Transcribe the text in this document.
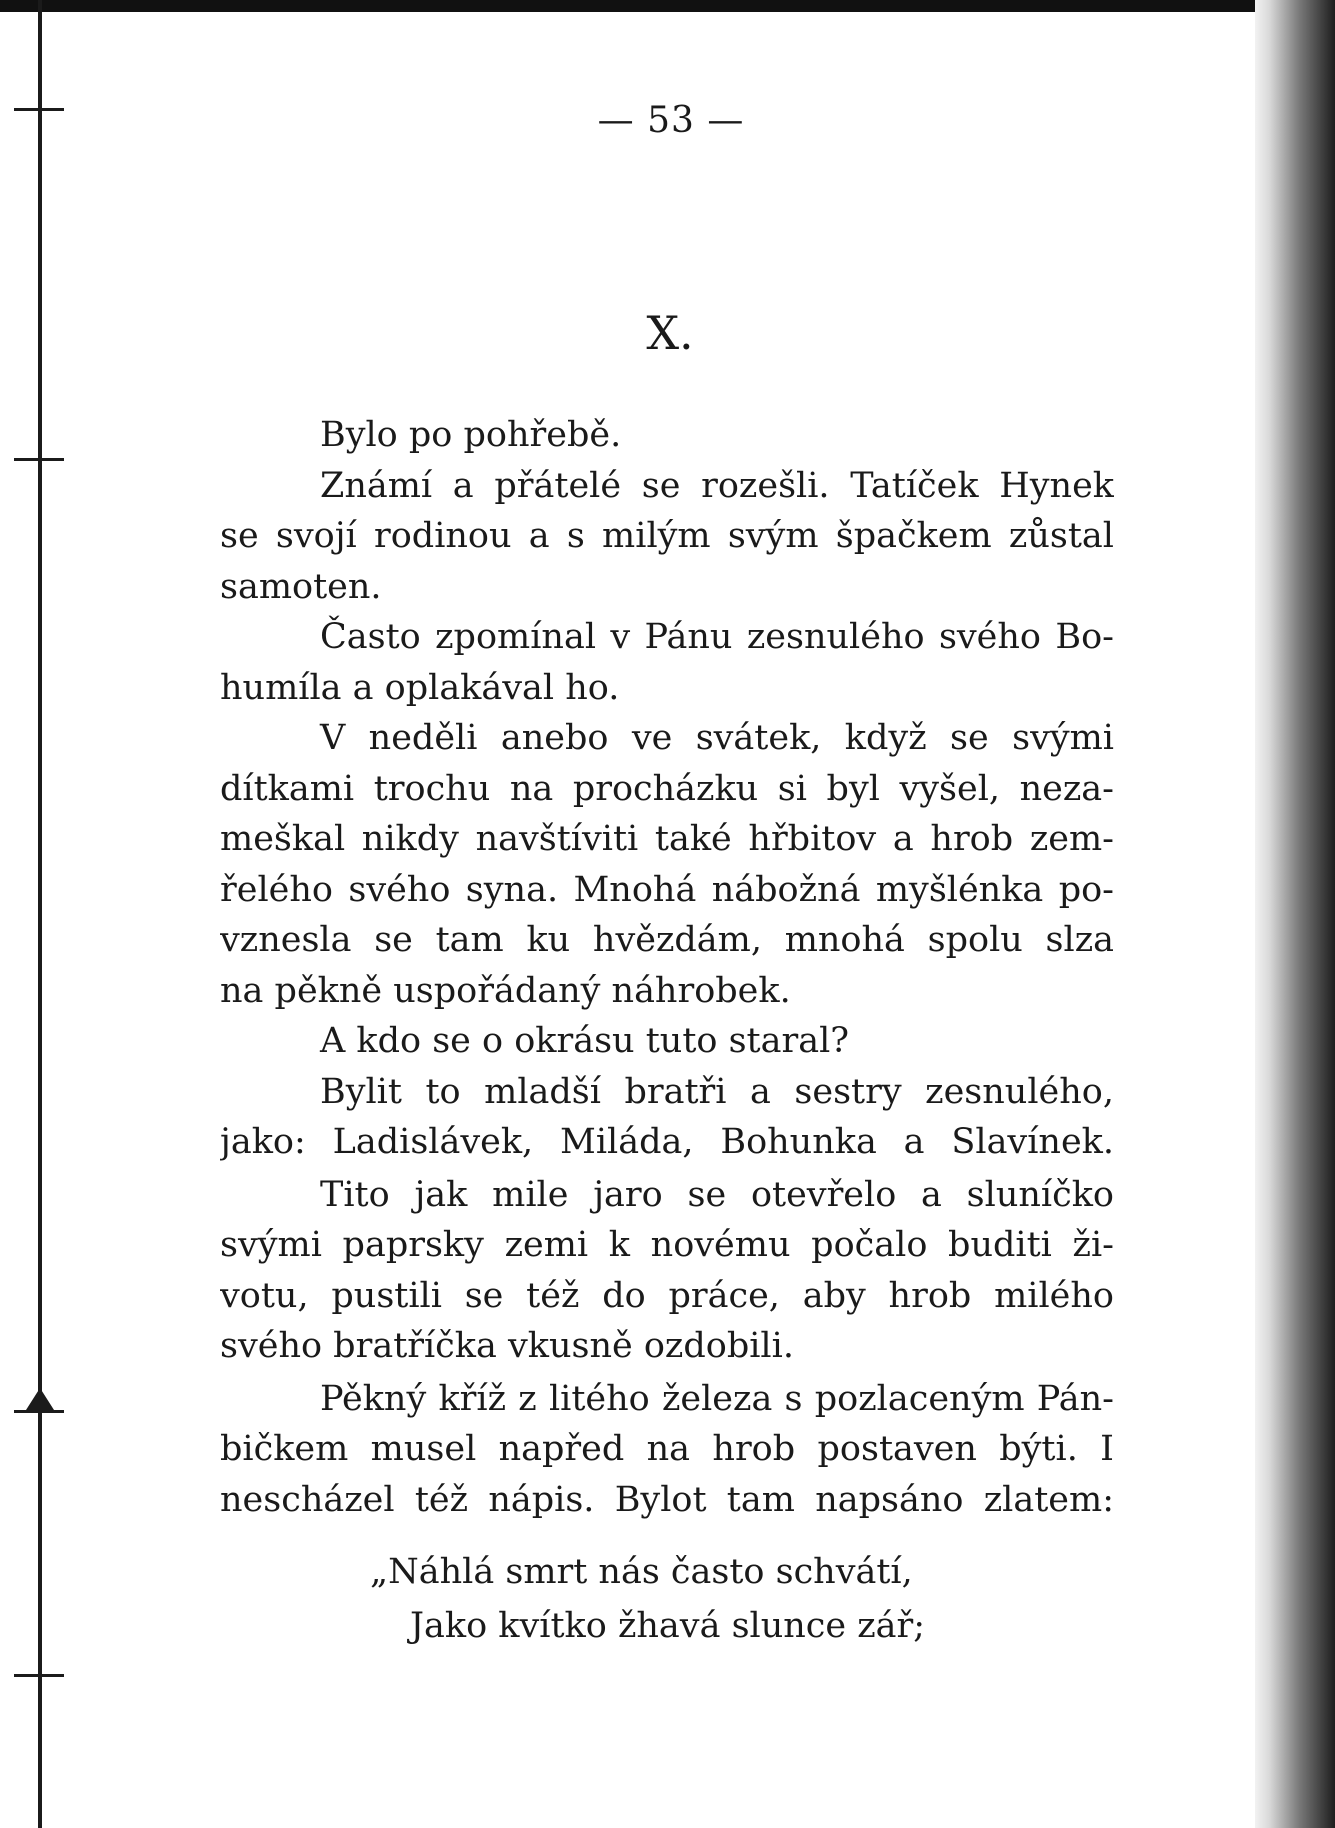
— 53 —
X.
Bylo po pohřebě.
Známí a přátelé se rozešli. Tatíček Hynek
se svojí rodinou a s milým svým špačkem zůstal
samoten.
Často zpomínal v Pánu zesnulého svého Bo-
humíla a oplakával ho.
V neděli anebo ve svátek, když se svými
dítkami trochu na procházku si byl vyšel, neza-
meškal nikdy navštíviti také hřbitov a hrob zem-
řelého svého syna. Mnohá nábožná myšlénka po-
vznesla se tam ku hvězdám, mnohá spolu slza
na pěkně uspořádaný náhrobek.
A kdo se o okrásu tuto staral?
Bylit to mladší bratři a sestry zesnulého,
jako: Ladislávek, Miláda, Bohunka a Slavínek.
Tito jak mile jaro se otevřelo a sluníčko
svými paprsky zemi k novému počalo buditi ži-
votu, pustili se též do práce, aby hrob milého
svého bratříčka vkusně ozdobili.
Pěkný kříž z litého železa s pozlaceným Pán-
bičkem musel napřed na hrob postaven býti. I
nescházel též nápis. Bylot tam napsáno zlatem:
„Náhlá smrt nás často schvátí,
Jako kvítko žhavá slunce zář;
